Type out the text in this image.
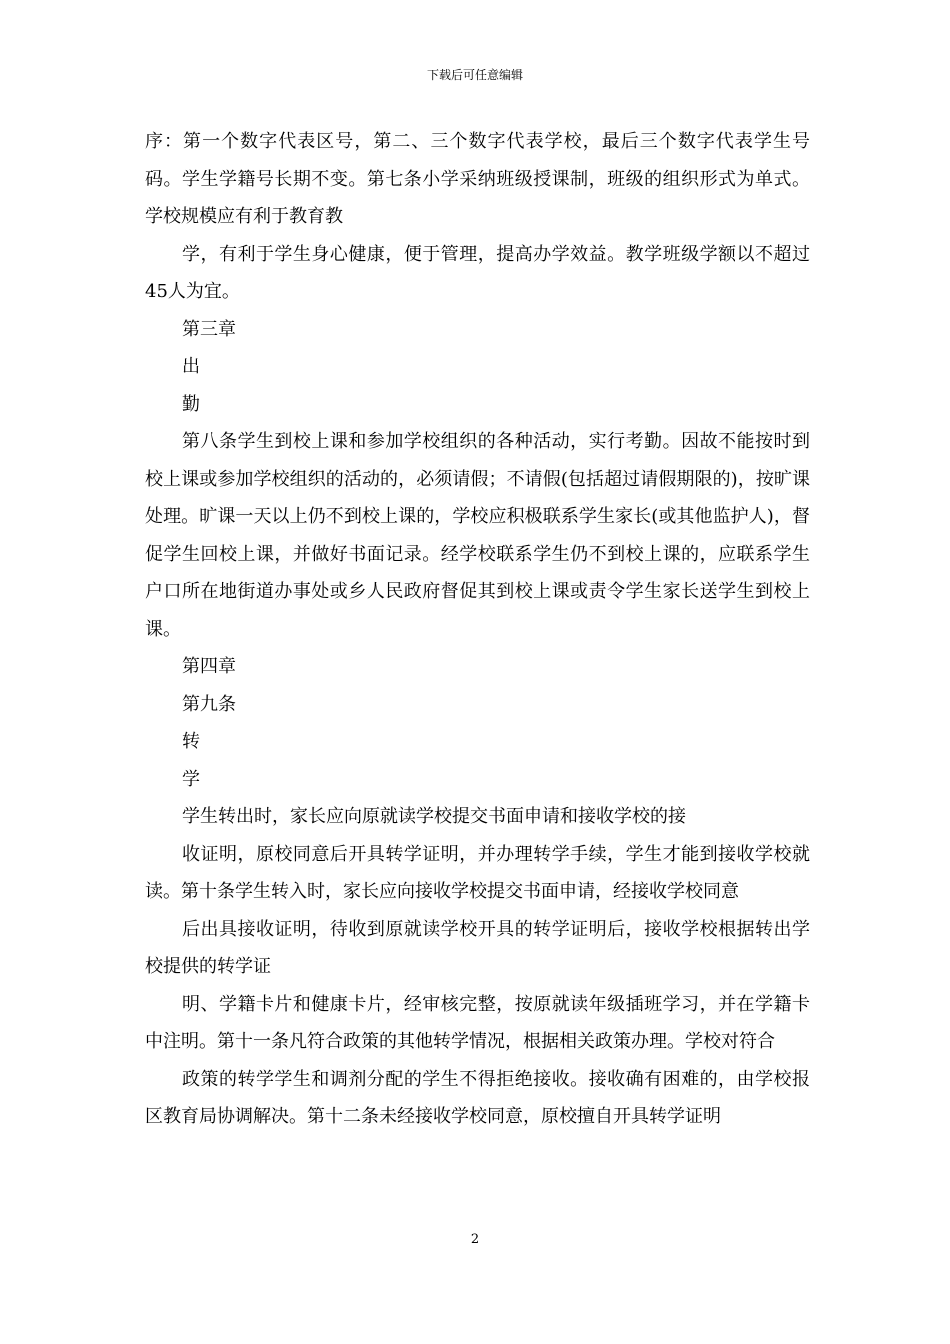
下载后可任意编辑

序：第一个数字代表区号，第二、三个数字代表学校，最后三个数字代表学生号码。学生学籍号长期不变。第七条小学采纳班级授课制，班级的组织形式为单式。学校规模应有利于教育教

学，有利于学生身心健康，便于管理，提高办学效益。教学班级学额以不超过45人为宜。

第三章

出

勤

第八条学生到校上课和参加学校组织的各种活动，实行考勤。因故不能按时到校上课或参加学校组织的活动的，必须请假；不请假(包括超过请假期限的)，按旷课处理。旷课一天以上仍不到校上课的，学校应积极联系学生家长(或其他监护人)，督促学生回校上课，并做好书面记录。经学校联系学生仍不到校上课的，应联系学生户口所在地街道办事处或乡人民政府督促其到校上课或责令学生家长送学生到校上课。

第四章

第九条

转

学

学生转出时，家长应向原就读学校提交书面申请和接收学校的接

收证明，原校同意后开具转学证明，并办理转学手续，学生才能到接收学校就读。第十条学生转入时，家长应向接收学校提交书面申请，经接收学校同意

后出具接收证明，待收到原就读学校开具的转学证明后，接收学校根据转出学校提供的转学证

明、学籍卡片和健康卡片，经审核完整，按原就读年级插班学习，并在学籍卡中注明。第十一条凡符合政策的其他转学情况，根据相关政策办理。学校对符合

政策的转学学生和调剂分配的学生不得拒绝接收。接收确有困难的，由学校报区教育局协调解决。第十二条未经接收学校同意，原校擅自开具转学证明

2
